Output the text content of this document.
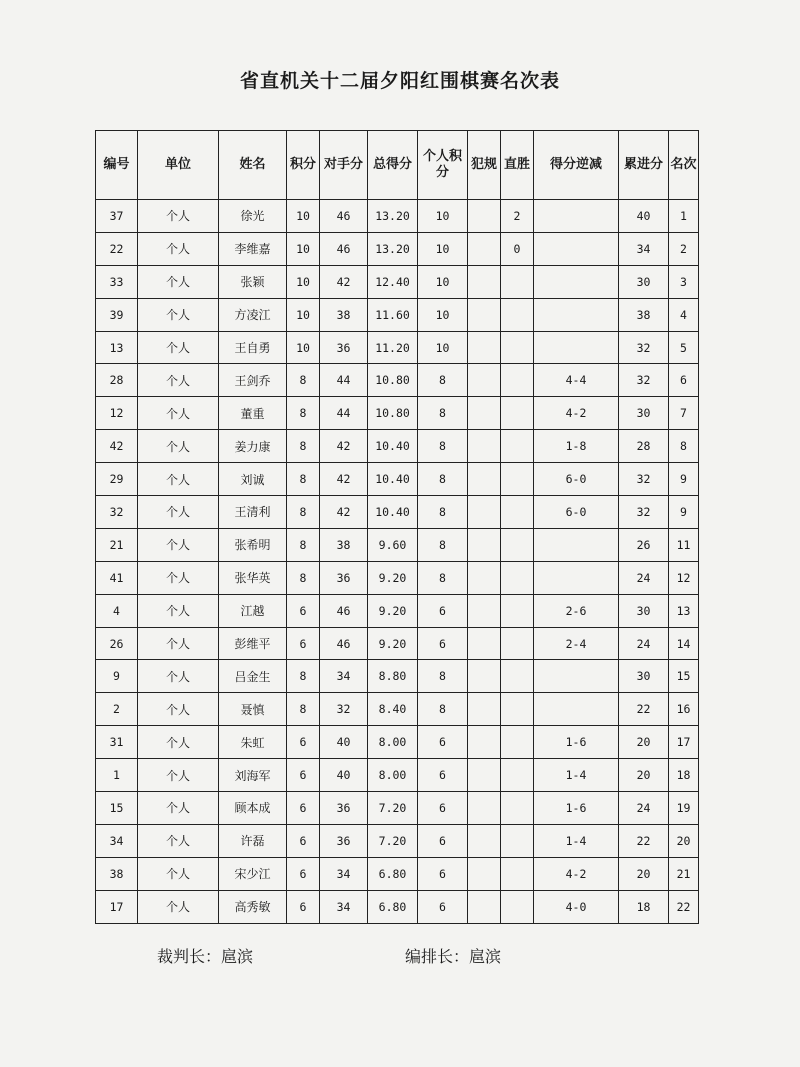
省直机关十二届夕阳红围棋赛名次表
编号	单位	姓名	积分	对手分	总得分	个人积分	犯规	直胜	得分逆减	累进分	名次
37	个人	徐光	10	46	13.20	10		2		40	1
22	个人	李维嘉	10	46	13.20	10		0		34	2
33	个人	张颖	10	42	12.40	10				30	3
39	个人	方凌江	10	38	11.60	10				38	4
13	个人	王自勇	10	36	11.20	10				32	5
28	个人	王剑乔	8	44	10.80	8			4-4	32	6
12	个人	董重	8	44	10.80	8			4-2	30	7
42	个人	姜力康	8	42	10.40	8			1-8	28	8
29	个人	刘诚	8	42	10.40	8			6-0	32	9
32	个人	王清利	8	42	10.40	8			6-0	32	9
21	个人	张希明	8	38	9.60	8				26	11
41	个人	张华英	8	36	9.20	8				24	12
4	个人	江越	6	46	9.20	6			2-6	30	13
26	个人	彭维平	6	46	9.20	6			2-4	24	14
9	个人	吕金生	8	34	8.80	8				30	15
2	个人	聂慎	8	32	8.40	8				22	16
31	个人	朱虹	6	40	8.00	6			1-6	20	17
1	个人	刘海军	6	40	8.00	6			1-4	20	18
15	个人	顾本成	6	36	7.20	6			1-6	24	19
34	个人	许磊	6	36	7.20	6			1-4	22	20
38	个人	宋少江	6	34	6.80	6			4-2	20	21
17	个人	高秀敏	6	34	6.80	6			4-0	18	22
裁判长：扈滨	编排长：扈滨
